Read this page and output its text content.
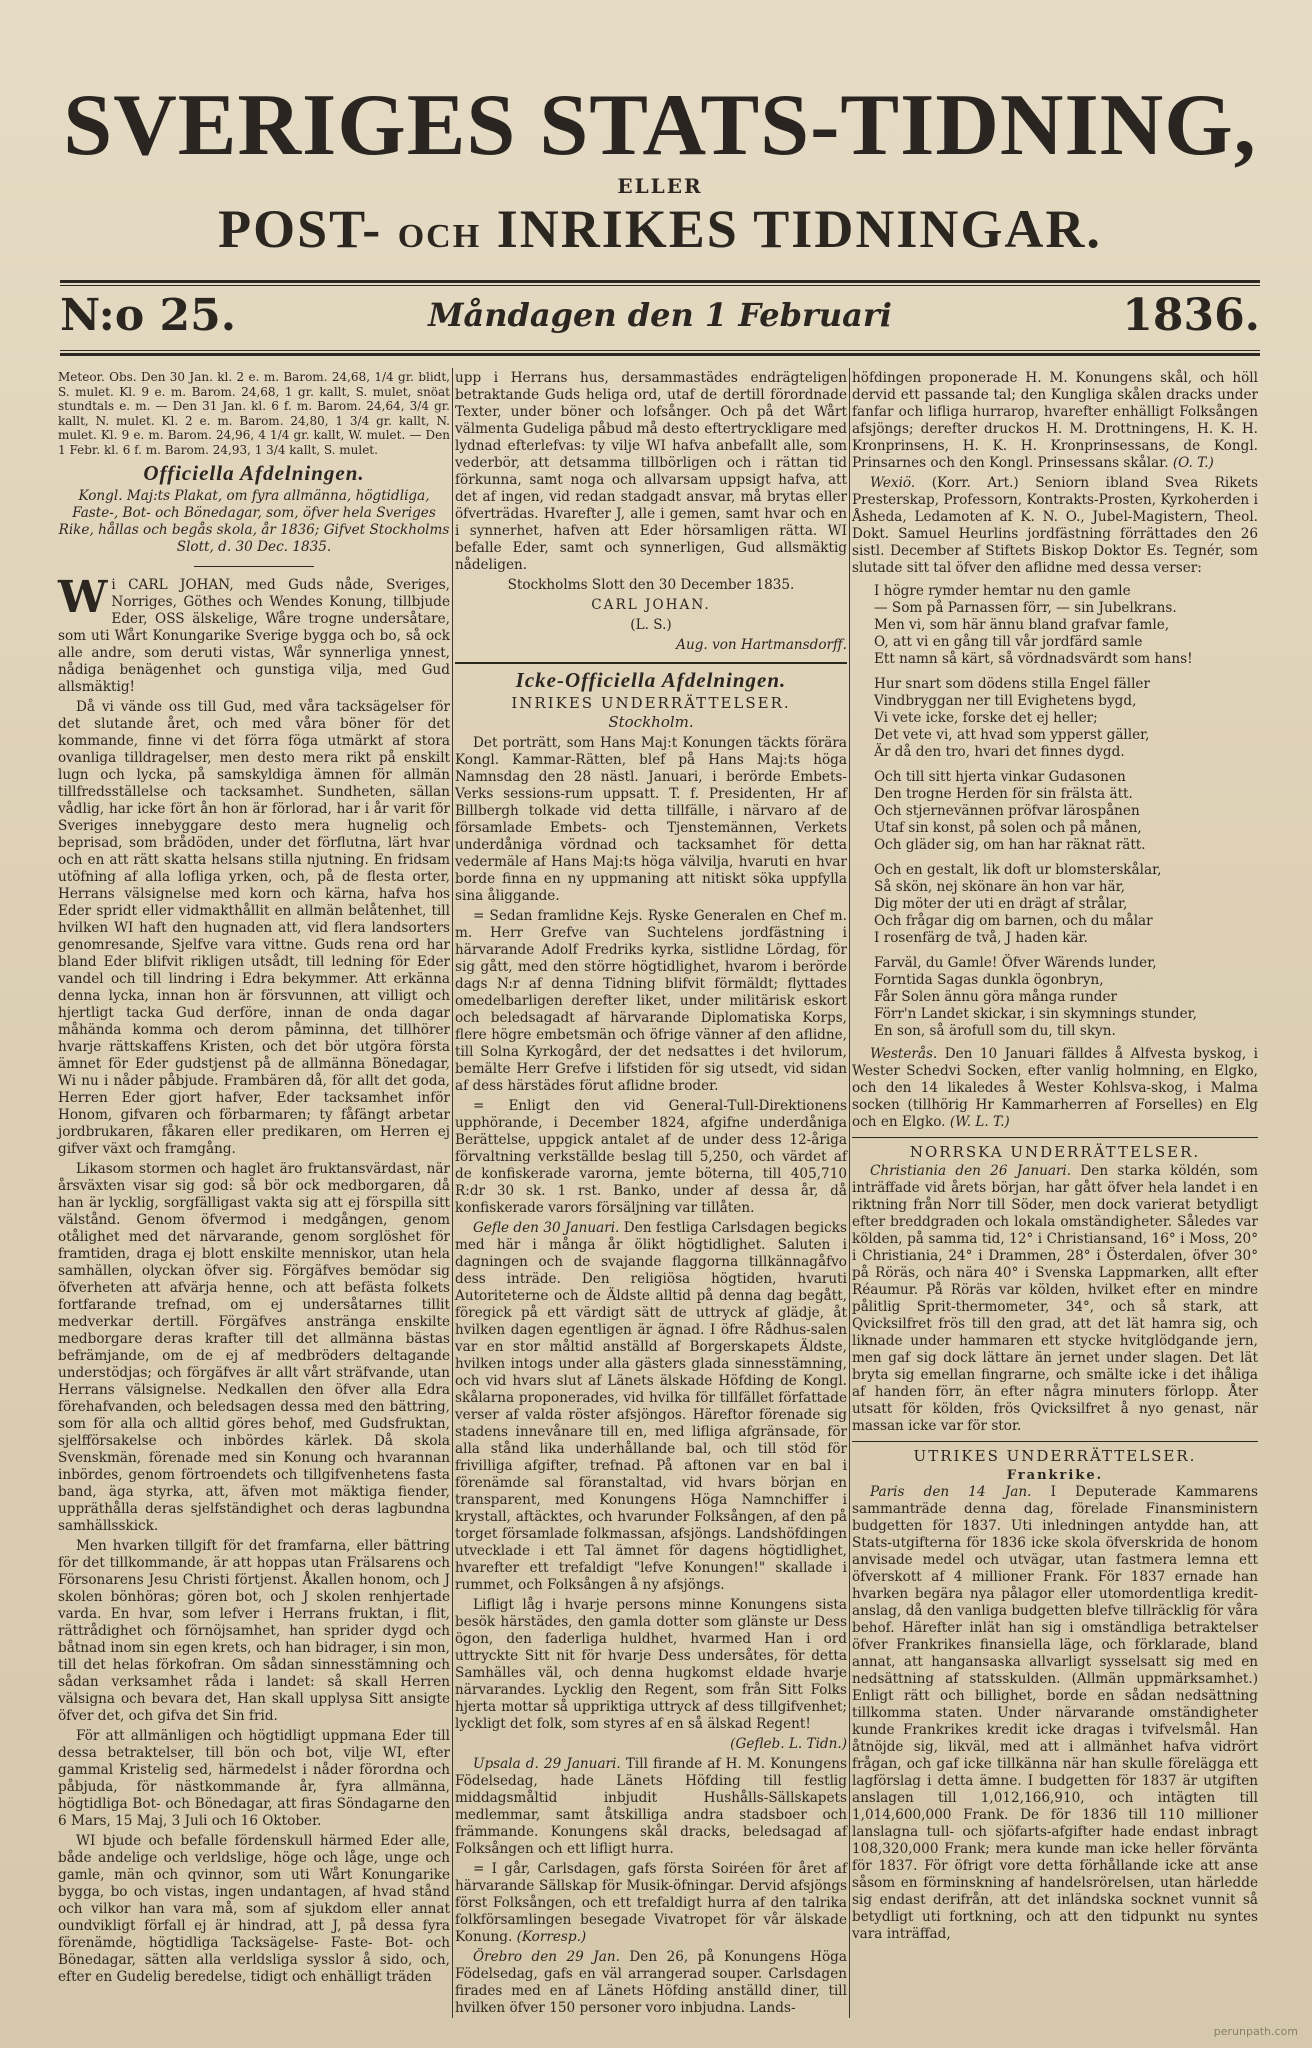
SVERIGES STATS-TIDNING,
ELLER
POST- OCH INRIKES TIDNINGAR.
N:o 25.	Måndagen den 1 Februari	1836.

Meteor. Obs. Den 30 Jan. kl. 2 e. m. Barom. 24,68, 1/4 gr. blidt, S. mulet. Kl. 9 e. m. Barom. 24,68, 1 gr. kallt, S. mulet, snöat stundtals e. m. — Den 31 Jan. kl. 6 f. m. Barom. 24,64, 3/4 gr. kallt, N. mulet. Kl. 2 e. m. Barom. 24,80, 1 3/4 gr. kallt, N. mulet. Kl. 9 e. m. Barom. 24,96, 4 1/4 gr. kallt, W. mulet. — Den 1 Febr. kl. 6 f. m. Barom. 24,93, 1 3/4 kallt, S. mulet.

Officiella Afdelningen.

Kongl. Maj:ts Plakat, om fyra allmänna, högtidliga, Faste-, Bot- och Bönedagar, som, öfver hela Sveriges Rike, hållas och begås skola, år 1836; Gifvet Stockholms Slott, d. 30 Dec. 1835.

W i CARL JOHAN, med Guds nåde, Sveriges, Norriges, Göthes och Wendes Konung, tillbjude Eder, OSS älskelige, Wåre trogne undersåtare, som uti Wårt Konungarike Sverige bygga och bo, så ock alle andre, som deruti vistas, Wår synnerliga ynnest, nådiga benägenhet och gunstiga vilja, med Gud allsmäktig!

Då vi vände oss till Gud, med våra tacksägelser för det slutande året, och med våra böner för det kommande, finne vi det förra föga utmärkt af stora ovanliga tilldragelser, men desto mera rikt på enskilt lugn och lycka, på samskyldiga ämnen för allmän tillfredsställelse och tacksamhet. Sundheten, sällan vådlig, har icke fört ån hon är förlorad, har i år varit för Sveriges innebyggare desto mera hugnelig och beprisad, som brådöden, under det förflutna, lärt hvar och en att rätt skatta helsans stilla njutning. En fridsam utöfning af alla lofliga yrken, och, på de flesta orter, Herrans välsignelse med korn och kärna, hafva hos Eder spridt eller vidmakthållit en allmän belåtenhet, till hvilken WI haft den hugnaden att, vid flera landsorters genomresande, Sjelfve vara vittne. Guds rena ord har bland Eder blifvit rikligen utsådt, till ledning för Eder vandel och till lindring i Edra bekymmer. Att erkänna denna lycka, innan hon är försvunnen, att villigt och hjertligt tacka Gud derföre, innan de onda dagar måhända komma och derom påminna, det tillhörer hvarje rättskaffens Kristen, och det bör utgöra första ämnet för Eder gudstjenst på de allmänna Bönedagar, Wi nu i nåder påbjude. Frambären då, för allt det goda, Herren Eder gjort hafver, Eder tacksamhet inför Honom, gifvaren och förbarmaren; ty fåfängt arbetar jordbrukaren, fåkaren eller predikaren, om Herren ej gifver växt och framgång.

Likasom stormen och haglet äro fruktansvärdast, när årsväxten visar sig god: så bör ock medborgaren, då han är lycklig, sorgfälligast vakta sig att ej förspilla sitt välstånd. Genom öfvermod i medgången, genom otålighet med det närvarande, genom sorglöshet för framtiden, draga ej blott enskilte menniskor, utan hela samhällen, olyckan öfver sig. Förgäfves bemödar sig öfverheten att afvärja henne, och att befästa folkets fortfarande trefnad, om ej undersåtarnes tillit medverkar dertill. Förgäfves anstränga enskilte medborgare deras krafter till det allmänna bästas befrämjande, om de ej af medbröders deltagande understödjas; och förgäfves är allt vårt sträfvande, utan Herrans välsignelse. Nedkallen den öfver alla Edra förehafvanden, och beledsagen dessa med den bättring, som för alla och alltid göres behof, med Gudsfruktan, sjelfförsakelse och inbördes kärlek. Då skola Svenskmän, förenade med sin Konung och hvarannan inbördes, genom förtroendets och tillgifvenhetens fasta band, äga styrka, att, äfven mot mäktiga fiender, uppräthålla deras sjelfständighet och deras lagbundna samhällsskick.

Men hvarken tillgift för det framfarna, eller bättring för det tillkommande, är att hoppas utan Frälsarens och Försonarens Jesu Christi förtjenst. Åkallen honom, och J skolen bönhöras; gören bot, och J skolen renhjertade varda. En hvar, som lefver i Herrans fruktan, i flit, rättrådighet och förnöjsamhet, han sprider dygd och båtnad inom sin egen krets, och han bidrager, i sin mon, till det helas förkofran. Om sådan sinnesstämning och sådan verksamhet råda i landet: så skall Herren välsigna och bevara det, Han skall upplysa Sitt ansigte öfver det, och gifva det Sin frid.

För att allmänligen och högtidligt uppmana Eder till dessa betraktelser, till bön och bot, vilje WI, efter gammal Kristelig sed, härmedelst i nåder förordna och påbjuda, för nästkommande år, fyra allmänna, högtidliga Bot- och Bönedagar, att firas Söndagarne den 6 Mars, 15 Maj, 3 Juli och 16 Oktober.

WI bjude och befalle fördenskull härmed Eder alle, både andelige och verldslige, höge och låge, unge och gamle, män och qvinnor, som uti Wårt Konungarike bygga, bo och vistas, ingen undantagen, af hvad stånd och vilkor han vara må, som af sjukdom eller annat oundvikligt förfall ej är hindrad, att J, på dessa fyra förenämde, högtidliga Tacksägelse- Faste- Bot- och Bönedagar, sätten alla verldsliga sysslor å sido, och, efter en Gudelig beredelse, tidigt och enhälligt träden

upp i Herrans hus, dersammastädes endrägteligen betraktande Guds heliga ord, utaf de dertill förordnade Texter, under böner och lofsånger. Och på det Wårt välmenta Gudeliga påbud må desto eftertryckligare med lydnad efterlefvas: ty vilje WI hafva anbefallt alle, som vederbör, att detsamma tillbörligen och i rättan tid förkunna, samt noga och allvarsam uppsigt hafva, att det af ingen, vid redan stadgadt ansvar, må brytas eller öfverträdas. Hvarefter J, alle i gemen, samt hvar och en i synnerhet, hafven att Eder hörsamligen rätta. WI befalle Eder, samt och synnerligen, Gud allsmäktig nådeligen.

Stockholms Slott den 30 December 1835.

CARL JOHAN.

(L. S.)

Aug. von Hartmansdorff.

Icke-Officiella Afdelningen.
INRIKES UNDERRÄTTELSER.
Stockholm.

Det porträtt, som Hans Maj:t Konungen täckts förära Kongl. Kammar-Rätten, blef på Hans Maj:ts höga Namnsdag den 28 nästl. Januari, i berörde Embets-Verks sessions-rum uppsatt. T. f. Presidenten, Hr af Billbergh tolkade vid detta tillfälle, i närvaro af de församlade Embets- och Tjenstemännen, Verkets underdåniga vördnad och tacksamhet för detta vedermäle af Hans Maj:ts höga välvilja, hvaruti en hvar borde finna en ny uppmaning att nitiskt söka uppfylla sina åliggande.

= Sedan framlidne Kejs. Ryske Generalen en Chef m. m. Herr Grefve van Suchtelens jordfästning i härvarande Adolf Fredriks kyrka, sistlidne Lördag, för sig gått, med den större högtidlighet, hvarom i berörde dags N:r af denna Tidning blifvit förmäldt; flyttades omedelbarligen derefter liket, under militärisk eskort och beledsagadt af härvarande Diplomatiska Korps, flere högre embetsmän och öfrige vänner af den aflidne, till Solna Kyrkogård, der det nedsattes i det hvilorum, bemälte Herr Grefve i lifstiden för sig utsedt, vid sidan af dess härstädes förut aflidne broder.

= Enligt den vid General-Tull-Direktionens upphörande, i December 1824, afgifne underdåniga Berättelse, uppgick antalet af de under dess 12-åriga förvaltning verkställde beslag till 5,250, och värdet af de konfiskerade varorna, jemte böterna, till 405,710 R:dr 30 sk. 1 rst. Banko, under af dessa år, då konfiskerade varors försäljning var tillåten.

Gefle den 30 Januari. Den festliga Carlsdagen begicks med här i många år ölikt högtidlighet. Saluten i dagningen och de svajande flaggorna tillkännagåfvo dess inträde. Den religiösa högtiden, hvaruti Autoriteterne och de Äldste alltid på denna dag begått, föregick på ett värdigt sätt de uttryck af glädje, åt hvilken dagen egentligen är ägnad. I öfre Rådhus-salen var en stor måltid anställd af Borgerskapets Äldste, hvilken intogs under alla gästers glada sinnesstämning, och vid hvars slut af Länets älskade Höfding de Kongl. skålarna proponerades, vid hvilka för tillfället författade verser af valda röster afsjöngos. Häreftor förenade sig stadens innevånare till en, med lifliga afgränsade, för alla stånd lika underhållande bal, och till stöd för frivilliga afgifter, trefnad. På aftonen var en bal i förenämde sal föranstaltad, vid hvars början en transparent, med Konungens Höga Namnchiffer i krystall, aftäcktes, och hvarunder Folksången, af den på torget församlade folkmassan, afsjöngs. Landshöfdingen utvecklade i ett Tal ämnet för dagens högtidlighet, hvarefter ett trefaldigt "lefve Konungen!" skallade i rummet, och Folksången å ny afsjöngs.

Lifligt låg i hvarje persons minne Konungens sista besök härstädes, den gamla dotter som glänste ur Dess ögon, den faderliga huldhet, hvarmed Han i ord uttryckte Sitt nit för hvarje Dess undersåtes, för detta Samhälles väl, och denna hugkomst eldade hvarje närvarandes. Lycklig den Regent, som från Sitt Folks hjerta mottar så uppriktiga uttryck af dess tillgifvenhet; lyckligt det folk, som styres af en så älskad Regent!

(Gefleb. L. Tidn.)

Upsala d. 29 Januari. Till firande af H. M. Konungens Födelsedag, hade Länets Höfding till festlig middagsmåltid inbjudit Hushålls-Sällskapets medlemmar, samt åtskilliga andra stadsboer och främmande. Konungens skål dracks, beledsagad af Folksången och ett lifligt hurra.

= I går, Carlsdagen, gafs första Soiréen för året af härvarande Sällskap för Musik-öfningar. Dervid afsjöngs först Folksången, och ett trefaldigt hurra af den talrika folkförsamlingen besegade Vivatropet för vår älskade Konung. (Korresp.)

Örebro den 29 Jan. Den 26, på Konungens Höga Födelsedag, gafs en väl arrangerad souper. Carlsdagen firades med en af Länets Höfding anställd diner, till hvilken öfver 150 personer voro inbjudna. Lands-

höfdingen proponerade H. M. Konungens skål, och höll dervid ett passande tal; den Kungliga skålen dracks under fanfar och lifliga hurrarop, hvarefter enhälligt Folksången afsjöngs; derefter druckos H. M. Drottningens, H. K. H. Kronprinsens, H. K. H. Kronprinsessans, de Kongl. Prinsarnes och den Kongl. Prinsessans skålar. (O. T.)

Wexiö. (Korr. Art.) Seniorn ibland Svea Rikets Presterskap, Professorn, Kontrakts-Prosten, Kyrkoherden i Åsheda, Ledamoten af K. N. O., Jubel-Magistern, Theol. Dokt. Samuel Heurlins jordfästning förrättades den 26 sistl. December af Stiftets Biskop Doktor Es. Tegnér, som slutade sitt tal öfver den aflidne med dessa verser:

I högre rymder hemtar nu den gamle
— Som på Parnassen förr, — sin Jubelkrans.
Men vi, som här ännu bland grafvar famle,
O, att vi en gång till vår jordfärd samle
Ett namn så kärt, så vördnadsvärdt som hans!
Hur snart som dödens stilla Engel fäller
Vindbryggan ner till Evighetens bygd,
Vi vete icke, forske det ej heller;
Det vete vi, att hvad som ypperst gäller,
Är då den tro, hvari det finnes dygd.
Och till sitt hjerta vinkar Gudasonen
Den trogne Herden för sin frälsta ätt.
Och stjernevännen pröfvar lärospånen
Utaf sin konst, på solen och på månen,
Och gläder sig, om han har räknat rätt.
Och en gestalt, lik doft ur blomsterskålar,
Så skön, nej skönare än hon var här,
Dig möter der uti en drägt af strålar,
Och frågar dig om barnen, och du målar
I rosenfärg de två, J haden kär.
Farväl, du Gamle! Öfver Wärends lunder,
Forntida Sagas dunkla ögonbryn,
Får Solen ännu göra många runder
Förr'n Landet skickar, i sin skymnings stunder,
En son, så ärofull som du, till skyn.

Westerås. Den 10 Januari fälldes å Alfvesta byskog, i Wester Schedvi Socken, efter vanlig holmning, en Elgko, och den 14 likaledes å Wester Kohlsva-skog, i Malma socken (tillhörig Hr Kammarherren af Forselles) en Elg och en Elgko. (W. L. T.)

NORRSKA UNDERRÄTTELSER.

Christiania den 26 Januari. Den starka köldén, som inträffade vid årets början, har gått öfver hela landet i en riktning från Norr till Söder, men dock varierat betydligt efter breddgraden och lokala omständigheter. Således var kölden, på samma tid, 12° i Christiansand, 16° i Moss, 20° i Christiania, 24° i Drammen, 28° i Österdalen, öfver 30° på Röräs, och nära 40° i Svenska Lappmarken, allt efter Réaumur. På Röräs var kölden, hvilket efter en mindre pålitlig Sprit-thermometer, 34°, och så stark, att Qvicksilfret frös till den grad, att det lät hamra sig, och liknade under hammaren ett stycke hvitglödgande jern, men gaf sig dock lättare än jernet under slagen. Det lät bryta sig emellan fingrarne, och smälte icke i det ihåliga af handen förr, än efter några minuters förlopp. Åter utsatt för kölden, frös Qvicksilfret å nyo genast, när massan icke var för stor.

UTRIKES UNDERRÄTTELSER.
Frankrike.

Paris den 14 Jan. I Deputerade Kammarens sammanträde denna dag, förelade Finansministern budgetten för 1837. Uti inledningen antydde han, att Stats-utgifterna för 1836 icke skola öfverskrida de honom anvisade medel och utvägar, utan fastmera lemna ett öfverskott af 4 millioner Frank. För 1837 ernade han hvarken begära nya pålagor eller utomordentliga kredit-anslag, då den vanliga budgetten blefve tillräcklig för våra behof. Härefter inlät han sig i omständliga betraktelser öfver Frankrikes finansiella läge, och förklarade, bland annat, att hangansaska allvarligt sysselsatt sig med en nedsättning af statsskulden. (Allmän uppmärksamhet.) Enligt rätt och billighet, borde en sådan nedsättning tillkomma staten. Under närvarande omständigheter kunde Frankrikes kredit icke dragas i tvifvelsmål. Han åtnöjde sig, likväl, med att i allmänhet hafva vidrört frågan, och gaf icke tillkänna när han skulle föreläggа ett lagförslag i detta ämne. I budgetten för 1837 är utgiften anslagen till 1,012,166,910, och intägten till 1,014,600,000 Frank. De för 1836 till 110 millioner lanslagna tull- och sjöfarts-afgifter hade endast inbragt 108,320,000 Frank; mera kunde man icke heller förvänta för 1837. För öfrigt vore detta förhållande icke att anse såsom en förminskning af handelsrörelsen, utan härledde sig endast derifrån, att det inländska socknet vunnit så betydligt uti fortkning, och att den tidpunkt nu syntes vara inträffad,

perunpath.com
